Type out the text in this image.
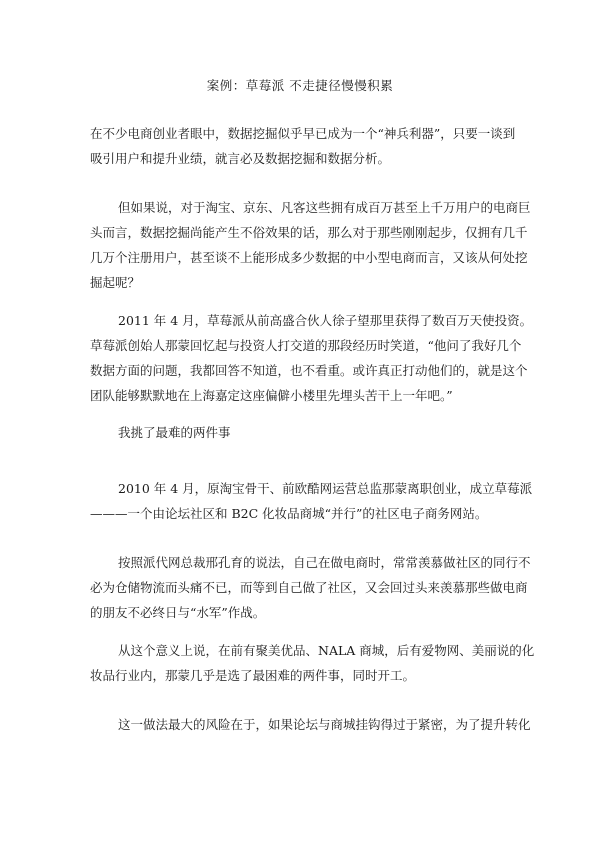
案例：草莓派 不走捷径慢慢积累
在不少电商创业者眼中，数据挖掘似乎早已成为一个“神兵利器”，只要一谈到
吸引用户和提升业绩，就言必及数据挖掘和数据分析。
但如果说，对于淘宝、京东、凡客这些拥有成百万甚至上千万用户的电商巨
头而言，数据挖掘尚能产生不俗效果的话，那么对于那些刚刚起步，仅拥有几千
几万个注册用户，甚至谈不上能形成多少数据的中小型电商而言，又该从何处挖
掘起呢？
2011 年 4 月，草莓派从前高盛合伙人徐子望那里获得了数百万天使投资。
草莓派创始人那蒙回忆起与投资人打交道的那段经历时笑道，“他问了我好几个
数据方面的问题，我都回答不知道，也不看重。或许真正打动他们的，就是这个
团队能够默默地在上海嘉定这座偏僻小楼里先埋头苦干上一年吧。”
我挑了最难的两件事
2010 年 4 月，原淘宝骨干、前欧酷网运营总监那蒙离职创业，成立草莓派
———一个由论坛社区和 B2C 化妆品商城“并行”的社区电子商务网站。
按照派代网总裁邢孔育的说法，自己在做电商时，常常羡慕做社区的同行不
必为仓储物流而头痛不已，而等到自己做了社区，又会回过头来羡慕那些做电商
的朋友不必终日与“水军”作战。
从这个意义上说，在前有聚美优品、NALA 商城，后有爱物网、美丽说的化
妆品行业内，那蒙几乎是选了最困难的两件事，同时开工。
这一做法最大的风险在于，如果论坛与商城挂钩得过于紧密，为了提升转化
